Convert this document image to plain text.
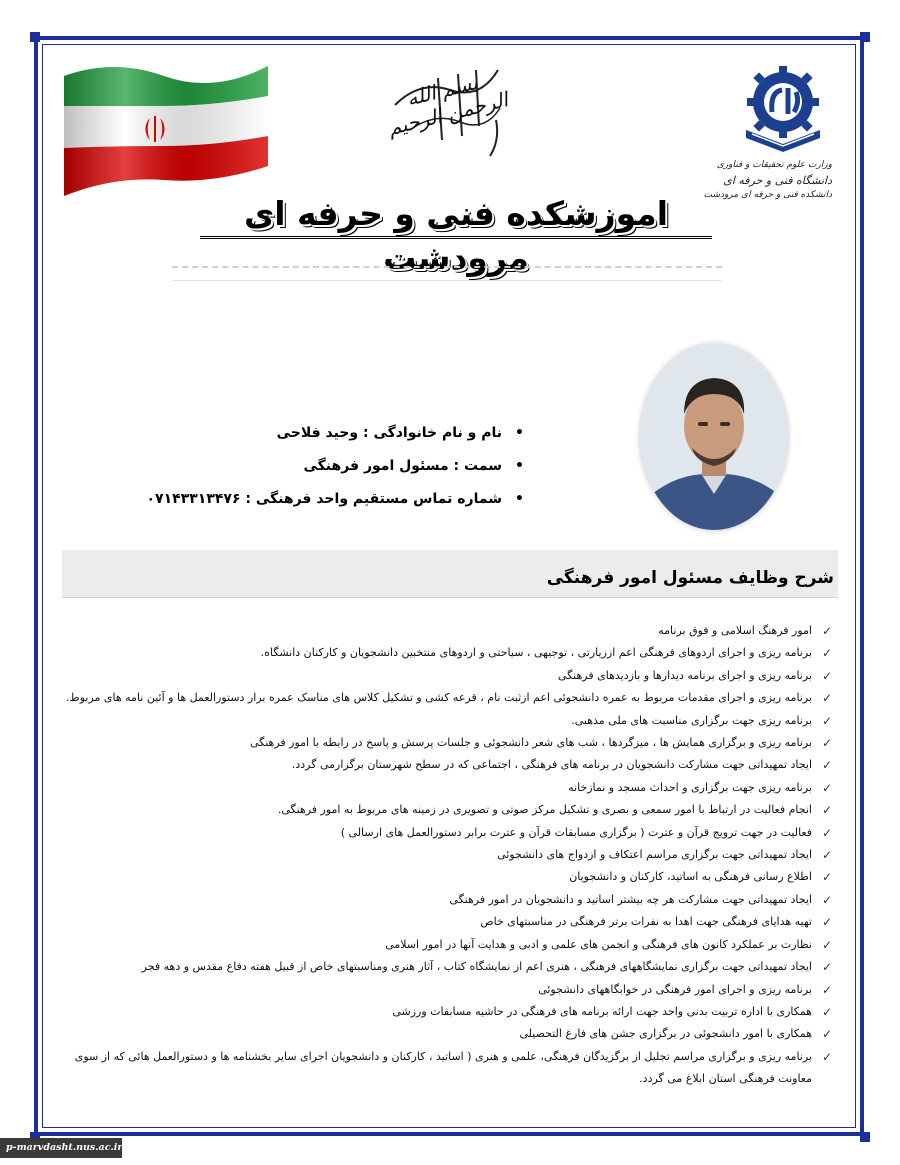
بسم الله الرحمن الرحیم
وزارت علوم تحقیقات و فناوری
دانشگاه فنی و حرفه ای
دانشکده فنی و حرفه ای مرودشت
اموزشکده فنی و حرفه ای مرودشت
• نام و نام خانوادگی : وحید فلاحی
• سمت : مسئول امور فرهنگی
• شماره تماس مستقیم واحد فرهنگی : ۰۷۱۴۳۳۱۳۴۷۶
شرح وظایف مسئول امور فرهنگی
✓
امور فرهنگ اسلامی و فوق برنامه
✓
برنامه ریزی و اجرای اردوهای فرهنگی اعم اززیارتی ، توجیهی ، سیاحتی و اردوهای منتخبین دانشجویان و کارکنان دانشگاه.
✓
برنامه ریزی و اجرای برنامه دیدارها و بازدیدهای فرهنگی
✓
برنامه ریزی و اجرای مقدمات مربوط به عمره دانشجوئی اعم ازثبت نام ، قرعه کشی و تشکیل کلاس های مناسک عمره برار دستورالعمل ها و آئین نامه های مربوط.
✓
برنامه ریزی جهت برگزاری مناسبت های ملی مذهبی.
✓
برنامه ریزی و برگزاری همایش ها ، میزگردها ، شب های شعر دانشجوئی و جلسات پرسش و پاسخ در رابطه با امور فرهنگی
✓
ایجاد تمهیداتی جهت مشارکت دانشجویان در برنامه های فرهنگی ، اجتماعی که در سطح شهرستان برگزارمی گردد.
✓
برنامه ریزی جهت برگزاری و احداث مسجد و نمازخانه
✓
انجام فعالیت در ارتباط با امور سمعی و بصری و تشکیل مرکز صوتی و تصویری در زمینه های مربوط به امور فرهنگی.
✓
فعالیت در جهت ترویج قرآن و عترت ( برگزاری مسابقات قرآن و عترت برابر دستورالعمل های ارسالی )
✓
ایجاد تمهیداتی جهت برگزاری مراسم اعتکاف و ازدواج های دانشجوئی
✓
اطلاع رسانی فرهنگی به اساتید، کارکنان و دانشجویان
✓
ایجاد تمهیداتی جهت مشارکت هر چه بیشتر اساتید و دانشجویان در امور فرهنگی
✓
تهیه هدایای فرهنگی جهت اهدا به نفرات برتر فرهنگی در مناسبتهای خاص
✓
نظارت بر عملکرد کانون های فرهنگی و انجمن های علمی و ادبی و هدایت آنها در امور اسلامی
✓
ایجاد تمهیداتی جهت برگزاری نمایشگاههای فرهنگی ، هنری اعم از نمایشگاه کتاب ، آثار هنری ومناسبتهای خاص از قبیل هفته دفاع مقدس و دهه فجر
✓
برنامه ریزی و اجرای امور فرهنگی در خوابگاههای دانشجوئی
✓
همکاری با اداره تربیت بدنی واحد جهت ارائه برنامه های فرهنگی در حاشیه مسابقات ورزشی
✓
همکاری با امور دانشجوئی در برگزاری جشن های فارغ التحصیلی
✓
برنامه ریزی و برگزاری مراسم تجلیل از برگزیدگان فرهنگی، علمی و هنری ( اساتید ، کارکنان و دانشجویان اجرای سایر بخشنامه ها و دستورالعمل هائی که از سوی معاونت فرهنگی استان ابلاغ می گردد.
p-marvdasht.nus.ac.ir
